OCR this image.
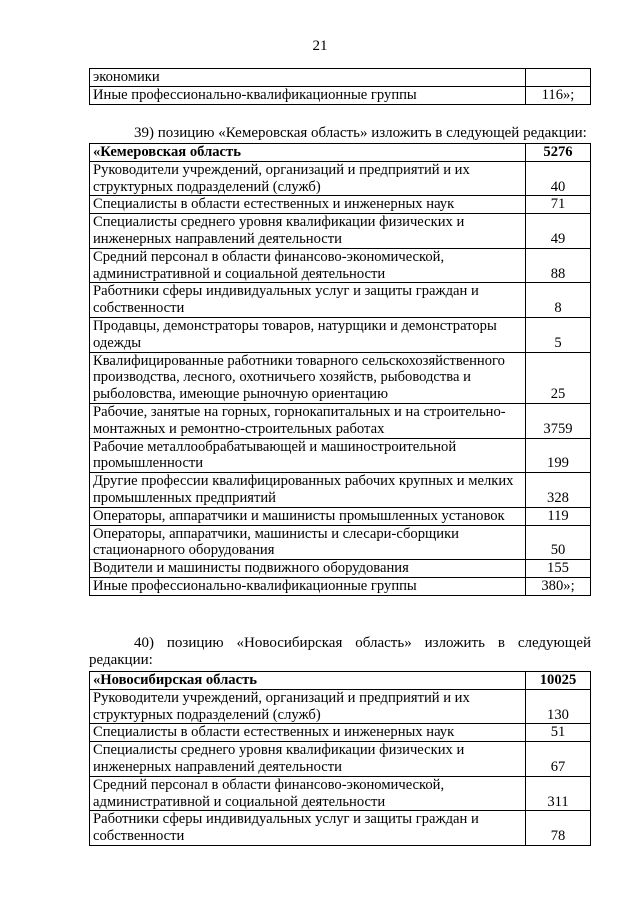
21
экономики	
Иные профессионально-квалификационные группы	116»;
39) позицию «Кемеровская область» изложить в следующей редакции:
«Кемеровская область	5276
Руководители учреждений, организаций и предприятий и их структурных подразделений (служб)	40
Специалисты в области естественных и инженерных наук	71
Специалисты среднего уровня квалификации физических и инженерных направлений деятельности	49
Средний персонал в области финансово-экономической, административной и социальной деятельности	88
Работники сферы индивидуальных услуг и защиты граждан и собственности	8
Продавцы, демонстраторы товаров, натурщики и демонстраторы одежды	5
Квалифицированные работники товарного сельскохозяйственного производства, лесного, охотничьего хозяйств, рыбоводства и рыболовства, имеющие рыночную ориентацию	25
Рабочие, занятые на горных, горнокапитальных и на строительно-монтажных и ремонтно-строительных работах	3759
Рабочие металлообрабатывающей и машиностроительной промышленности	199
Другие профессии квалифицированных рабочих крупных и мелких промышленных предприятий	328
Операторы, аппаратчики и машинисты промышленных установок	119
Операторы, аппаратчики, машинисты и слесари-сборщики стационарного оборудования	50
Водители и машинисты подвижного оборудования	155
Иные профессионально-квалификационные группы	380»;
40) позицию «Новосибирская область» изложить в следующей редакции:
«Новосибирская область	10025
Руководители учреждений, организаций и предприятий и их структурных подразделений (служб)	130
Специалисты в области естественных и инженерных наук	51
Специалисты среднего уровня квалификации физических и инженерных направлений деятельности	67
Средний персонал в области финансово-экономической, административной и социальной деятельности	311
Работники сферы индивидуальных услуг и защиты граждан и собственности	78
